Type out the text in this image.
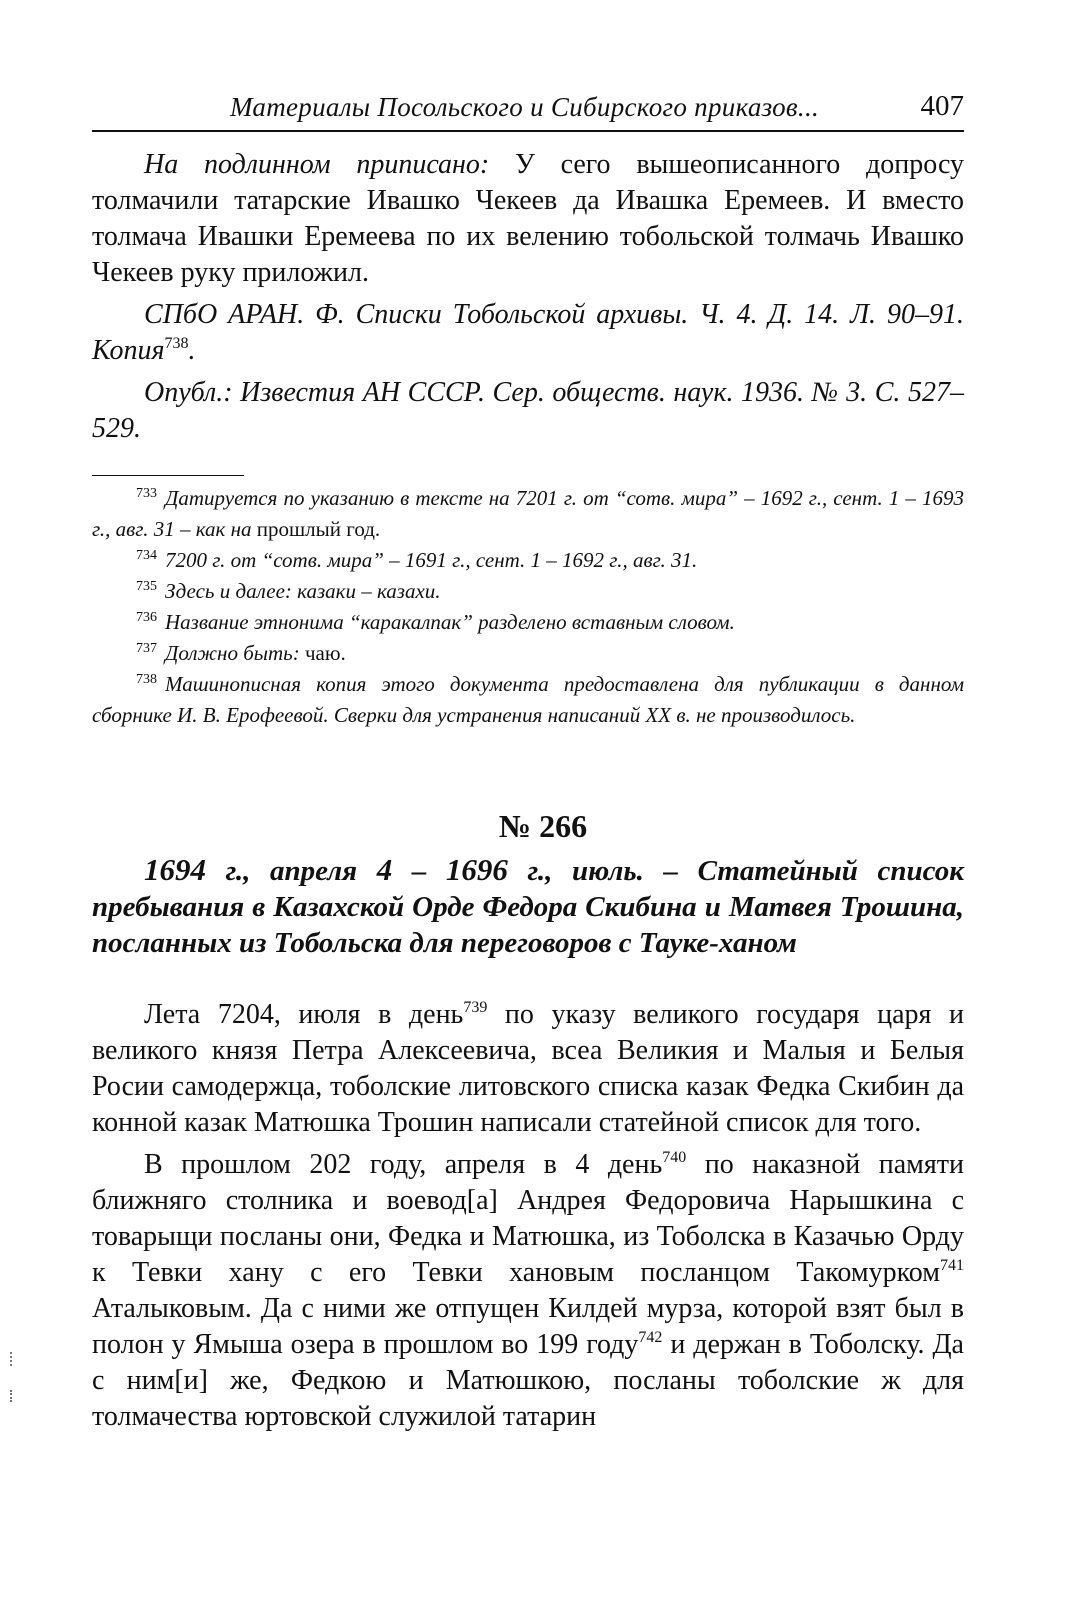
Материалы Посольского и Сибирского приказов...	407

На подлинном приписано: У сего вышеописанного допросу толмачили татарские Ивашко Чекеев да Ивашка Еремеев. И вместо толмача Ивашки Еремеева по их велению тобольской толмачь Ивашко Чекеев руку приложил.

СПбО АРАН. Ф. Списки Тобольской архивы. Ч. 4. Д. 14. Л. 90–91. Копия$^{738}$.

Опубл.: Известия АН СССР. Сер. обществ. наук. 1936. № 3. С. 527–529.

$^{733}$ Датируется по указанию в тексте на 7201 г. от “сотв. мира” – 1692 г., сент. 1 – 1693 г., авг. 31 – как на прошлый год.

$^{734}$ 7200 г. от “сотв. мира” – 1691 г., сент. 1 – 1692 г., авг. 31.

$^{735}$ Здесь и далее: казаки – казахи.

$^{736}$ Название этнонима “каракалпак” разделено вставным словом.

$^{737}$ Должно быть: чаю.

$^{738}$ Машинописная копия этого документа предоставлена для публикации в данном сборнике И. В. Ерофеевой. Сверки для устранения написаний XX в. не производилось.

№ 266

1694 г., апреля 4 – 1696 г., июль. – Статейный список пребывания в Казахской Орде Федора Скибина и Матвея Трошина, посланных из Тобольска для переговоров с Тауке-ханом

Лета 7204, июля в день$^{739}$ по указу великого государя царя и великого князя Петра Алексеевича, всеа Великия и Малыя и Белыя Росии самодержца, тоболские литовского списка казак Федка Скибин да конной казак Матюшка Трошин написали статейной список для того.

В прошлом 202 году, апреля в 4 день$^{740}$ по наказной памяти ближняго столника и воевод[а] Андрея Федоровича Нарышкина с товарыщи посланы они, Федка и Матюшка, из Тоболска в Казачью Орду к Тевки хану с его Тевки хановым посланцом Такомурком$^{741}$ Аталыковым. Да с ними же отпущен Килдей мурза, которой взят был в полон у Ямыша озера в прошлом во 199 году$^{742}$ и держан в Тоболску. Да с ним[и] же, Федкою и Матюшкою, посланы тоболские ж для толмачества юртовской служилой татарин
